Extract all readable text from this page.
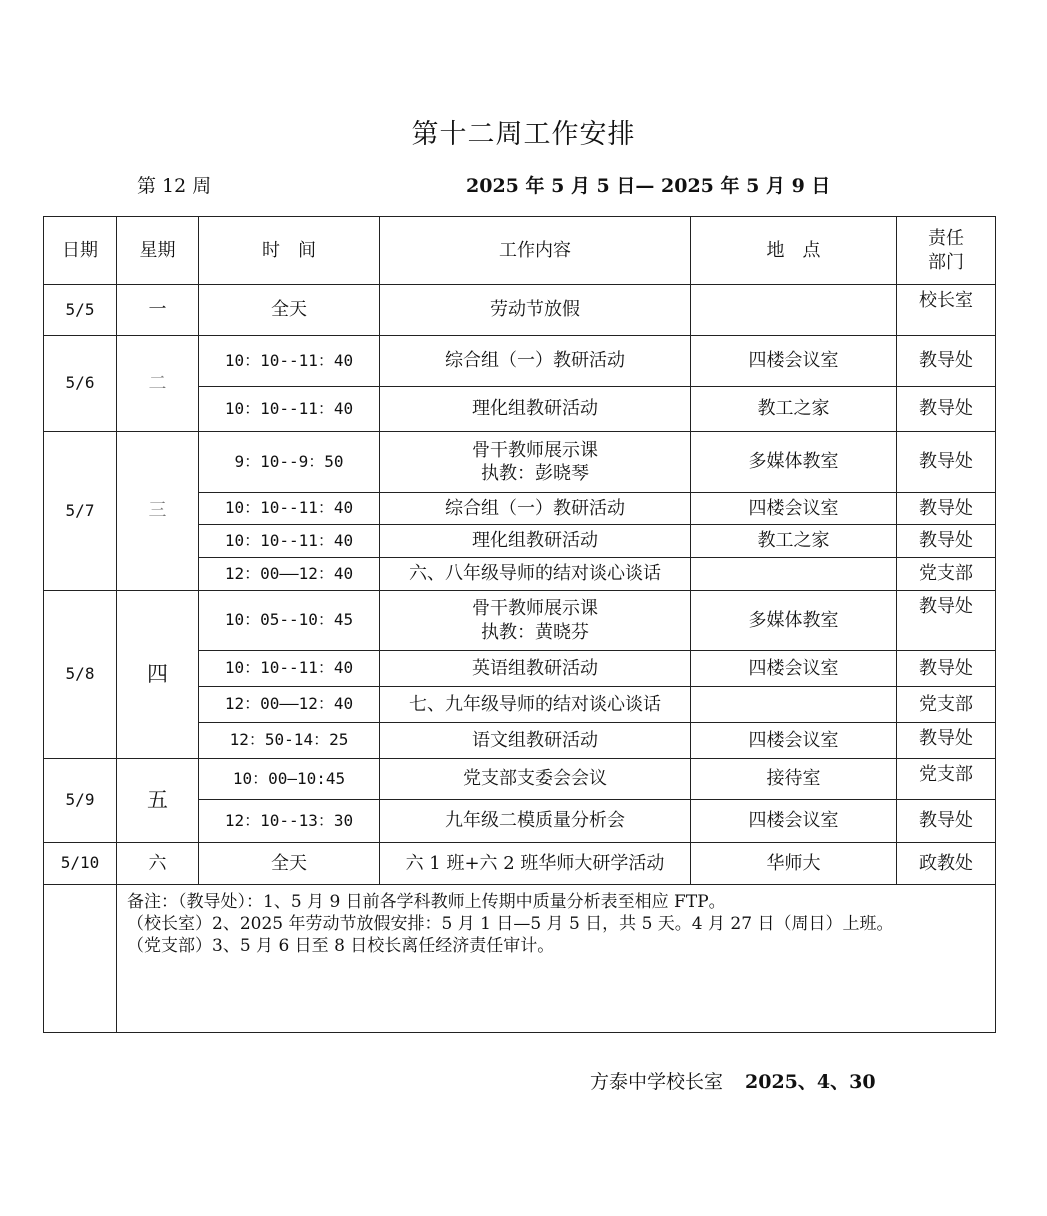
第十二周工作安排
第 12 周	2025 年 5 月 5 日— 2025 年 5 月 9 日
日期	星期	时　间	工作内容	地　点	责任
部门

5/5	一	全天	劳动节放假		校长室
5/6	二	10：10--11：40	综合组（一）教研活动	四楼会议室	教导处
		10：10--11：40	理化组教研活动	教工之家	教导处
5/7	三	9：10--9：50	骨干教师展示课
执教：彭晓琴	多媒体教室	教导处
		10：10--11：40	综合组（一）教研活动	四楼会议室	教导处
		10：10--11：40	理化组教研活动	教工之家	教导处
		12：00——12：40	六、八年级导师的结对谈心谈话		党支部
5/8	四	10：05--10：45	骨干教师展示课
执教：黄晓芬	多媒体教室	教导处
		10：10--11：40	英语组教研活动	四楼会议室	教导处
		12：00——12：40	七、九年级导师的结对谈心谈话		党支部
		12：50-14：25	语文组教研活动	四楼会议室	教导处
5/9	五	10：00—10:45	党支部支委会会议	接待室	党支部
		12：10--13：30	九年级二模质量分析会	四楼会议室	教导处
5/10	六	全天	六 1 班+六 2 班华师大研学活动	华师大	政教处

	备注：（教导处）：1、5 月 9 日前各学科教师上传期中质量分析表至相应 FTP。
（校长室）2、2025 年劳动节放假安排：5 月 1 日—5 月 5 日，共 5 天。4 月 27 日（周日）上班。
（党支部）3、5 月 6 日至 8 日校长离任经济责任审计。				
方泰中学校长室 2025、4、30
